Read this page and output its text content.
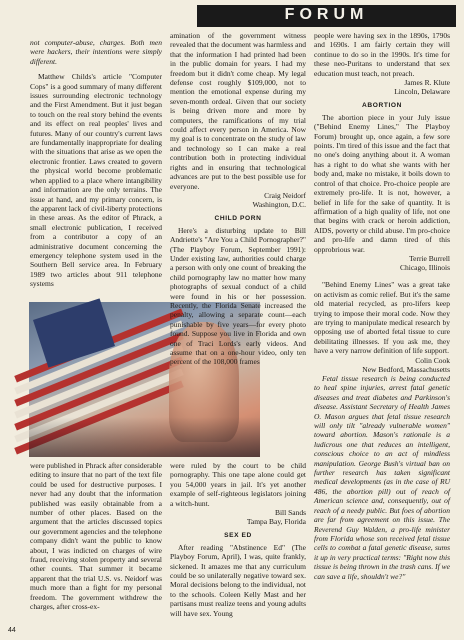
FORUM

not computer-abuse, charges. Both men were hackers, their intentions were simply different.

Matthew Childs's article "Computer Cops" is a good summary of many different issues surrounding electronic technology and the First Amendment. But it just began to touch on the real story behind the events and its effect on real peoples' lives and futures. Many of our country's current laws are fundamentally inappropriate for dealing with the situations that arise as we open the electronic frontier. Laws created to govern the physical world become problematic when applied to a place where intangibility and information are the only terrains. The issue at hand, and my primary concern, is the apparent lack of civil-liberty protections in these areas. As the editor of Phrack, a small electronic publication, I received from a contributor a copy of an administrative document concerning the emergency telephone system used in the Southern Bell service area. In February 1989 two articles about 911 telephone systems

were published in Phrack after considerable editing to insure that no part of the text file could be used for destructive purposes. I never had any doubt that the information published was easily obtainable from a number of other places. Based on the argument that the articles discussed topics our government agencies and the telephone company didn't want the public to know about, I was indicted on charges of wire fraud, receiving stolen property and several other counts. That summer it became apparent that the trial U.S. vs. Neidorf was much more than a fight for my personal freedom. The government withdrew the charges, after cross-ex-

amination of the government witness revealed that the document was harmless and that the information I had printed had been in the public domain for years. I had my freedom but it didn't come cheap. My legal defense cost roughly $109,000, not to mention the emotional expense during my seven-month ordeal. Given that our society is being driven more and more by computers, the ramifications of my trial could affect every person in America. Now my goal is to concentrate on the study of law and technology so I can make a real contribution both in protecting individual rights and in ensuring that technological advances are put to the best possible use for everyone.

Craig Neidorf

Washington, D.C.

CHILD PORN

Here's a disturbing update to Bill Andriette's "Are You a Child Pornographer?" (The Playboy Forum, September 1991): Under existing law, authorities could charge a person with only one count of breaking the child pornography law no matter how many photographs of sexual conduct of a child were found in his or her possession. Recently, the Florida Senate increased the penalty, allowing a separate count—each punishable by five years—for every photo found. Suppose you live in Florida and own one of Traci Lords's early videos. And assume that on a one-hour video, only ten percent of the 108,000 frames

were ruled by the court to be child pornography. This one tape alone could get you 54,000 years in jail. It's yet another example of self-righteous legislators joining a witch-hunt.

Bill Sands

Tampa Bay, Florida

SEX ED

After reading "Abstinence Ed" (The Playboy Forum, April), I was, quite frankly, sickened. It amazes me that any curriculum could be so unilaterally negative toward sex. Moral decisions belong to the individual, not to the schools. Coleen Kelly Mast and her partisans must realize teens and young adults will have sex. Young

people were having sex in the 1890s, 1790s and 1690s. I am fairly certain they will continue to do so in the 1990s. It's time for these neo-Puritans to understand that sex education must teach, not preach.

James R. Klute

Lincoln, Delaware

ABORTION

The abortion piece in your July issue ("Behind Enemy Lines," The Playboy Forum) brought up, once again, a few sore points. I'm tired of this issue and the fact that no one's doing anything about it. A woman has a right to do what she wants with her body and, make no mistake, it boils down to control of that choice. Pro-choice people are extremely pro-life. It is not, however, a belief in life for the sake of quantity. It is affirmation of a high quality of life, not one that begins with crack or heroin addiction, AIDS, poverty or child abuse. I'm pro-choice and pro-life and damn tired of this opprobrious war.

Terrie Burrell

Chicago, Illinois

"Behind Enemy Lines" was a great take on activism as comic relief. But it's the same old material recycled, as pro-lifers keep trying to impose their moral code. Now they are trying to manipulate medical research by opposing use of aborted fetal tissue to cure debilitating illnesses. If you ask me, they have a very narrow definition of life support.

Colin Cook

New Bedford, Massachusetts

Fetal tissue research is being conducted to heal spine injuries, arrest fatal genetic diseases and treat diabetes and Parkinson's disease. Assistant Secretary of Health James O. Mason argues that fetal tissue research will only tilt "already vulnerable women" toward abortion. Mason's rationale is a ludicrous one that reduces an intelligent, conscious choice to an act of mindless manipulation. George Bush's virtual ban on further research has taken significant medical developments (as in the case of RU 486, the abortion pill) out of reach of American science and, consequently, out of reach of a needy public. But foes of abortion are far from agreement on this issue. The Reverend Guy Walden, a pro-life minister from Florida whose son received fetal tissue cells to combat a fatal genetic disease, sums it up in very practical terms: "Right now this tissue is being thrown in the trash cans. If we can save a life, shouldn't we?"

44
